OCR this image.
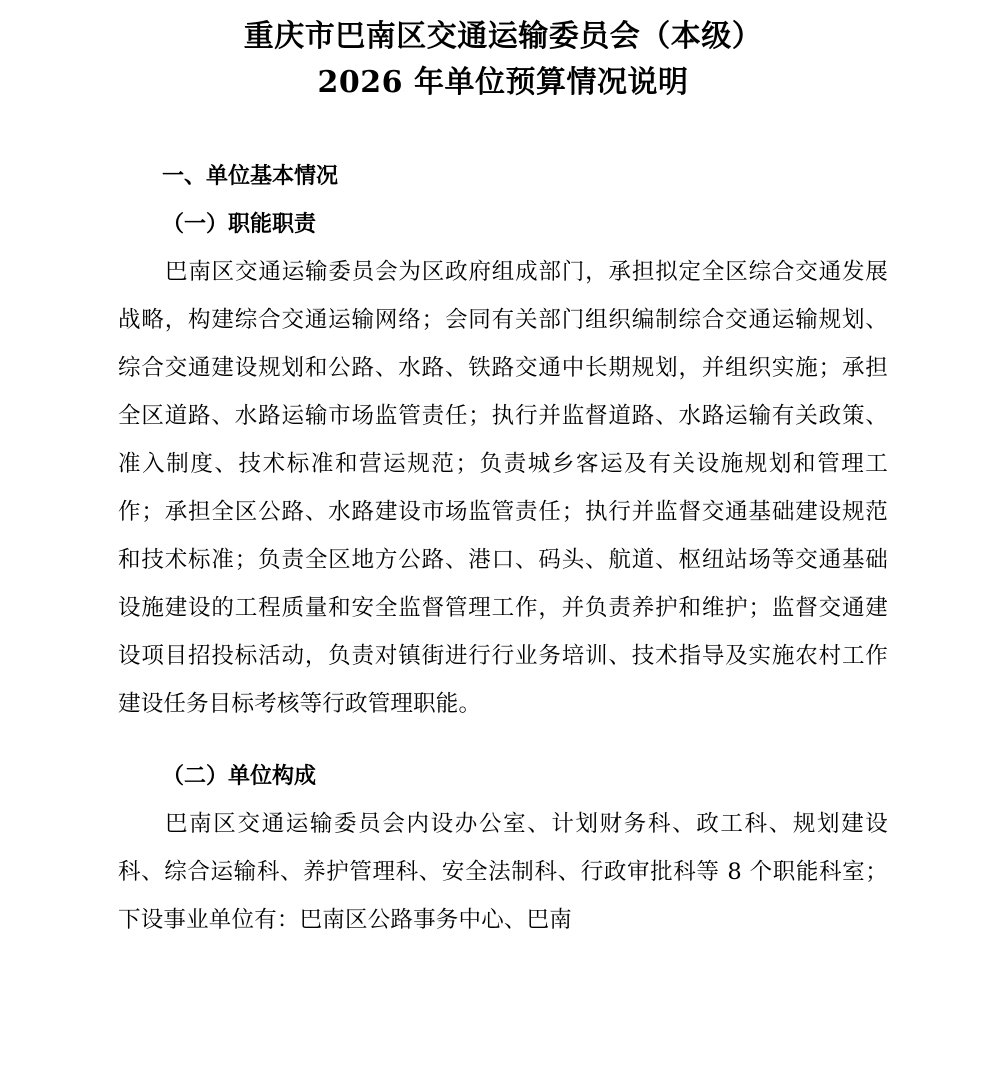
重庆市巴南区交通运输委员会（本级）
2026 年单位预算情况说明
一、单位基本情况
（一）职能职责

巴南区交通运输委员会为区政府组成部门，承担拟定全区综合交通发展战略，构建综合交通运输网络；会同有关部门组织编制综合交通运输规划、综合交通建设规划和公路、水路、铁路交通中长期规划，并组织实施；承担全区道路、水路运输市场监管责任；执行并监督道路、水路运输有关政策、准入制度、技术标准和营运规范；负责城乡客运及有关设施规划和管理工作；承担全区公路、水路建设市场监管责任；执行并监督交通基础建设规范和技术标准；负责全区地方公路、港口、码头、航道、枢纽站场等交通基础设施建设的工程质量和安全监督管理工作，并负责养护和维护；监督交通建设项目招投标活动，负责对镇街进行行业务培训、技术指导及实施农村工作建设任务目标考核等行政管理职能。

（二）单位构成

巴南区交通运输委员会内设办公室、计划财务科、政工科、规划建设科、综合运输科、养护管理科、安全法制科、行政审批科等 8 个职能科室；下设事业单位有：巴南区公路事务中心、巴南
